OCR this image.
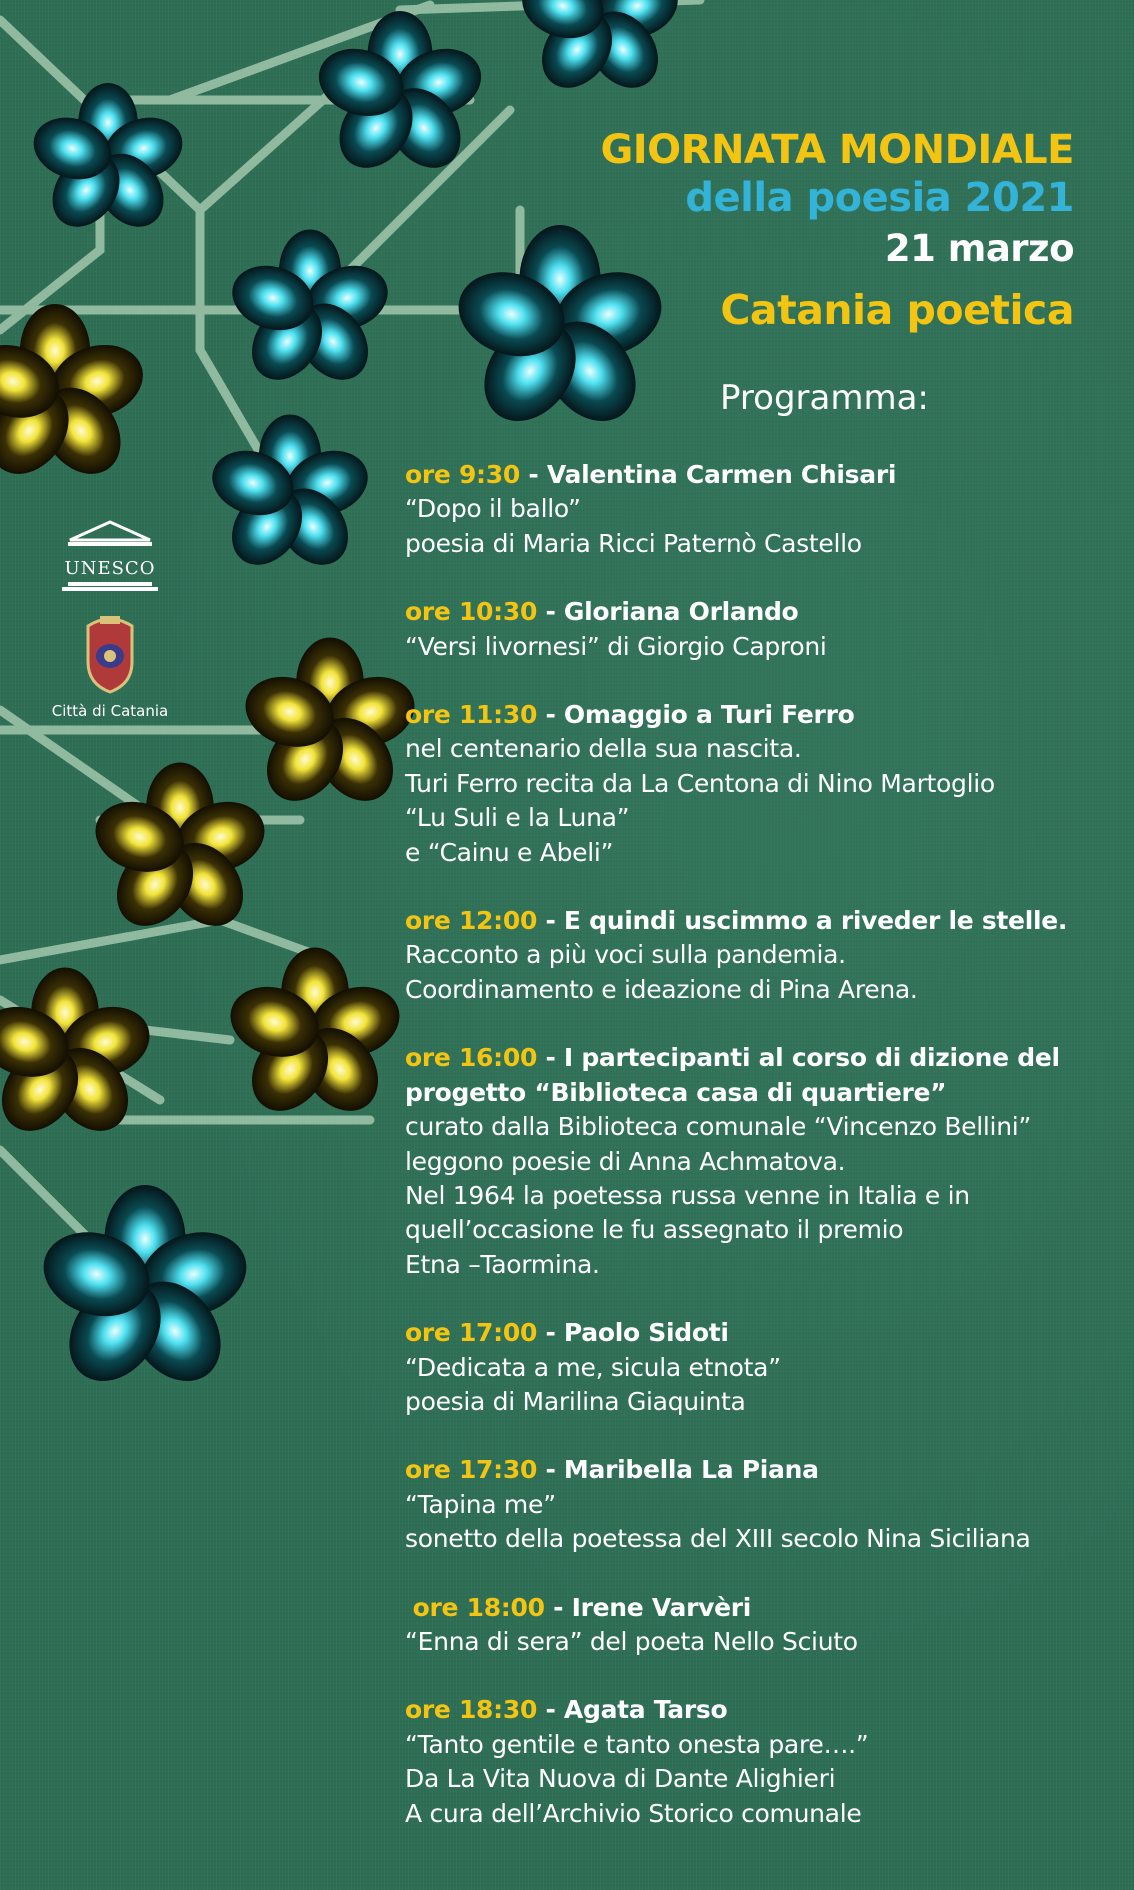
UNESCO
Città di Catania
GIORNATA MONDIALE
della poesia 2021
21 marzo
Catania poetica
Programma:

ore 9:30 - Valentina Carmen Chisari

“Dopo il ballo”

poesia di Maria Ricci Paternò Castello

ore 10:30 - Gloriana Orlando

“Versi livornesi” di Giorgio Caproni

ore 11:30 - Omaggio a Turi Ferro

nel centenario della sua nascita.

Turi Ferro recita da La Centona di Nino Martoglio

“Lu Suli e la Luna”

e “Cainu e Abeli”

ore 12:00 - E quindi uscimmo a riveder le stelle.

Racconto a più voci sulla pandemia.

Coordinamento e ideazione di Pina Arena.

ore 16:00 - I partecipanti al corso di dizione del

progetto “Biblioteca casa di quartiere”

curato dalla Biblioteca comunale “Vincenzo Bellini”

leggono poesie di Anna Achmatova.

Nel 1964 la poetessa russa venne in Italia e in

quell’occasione le fu assegnato il premio

Etna –Taormina.

ore 17:00 - Paolo Sidoti

“Dedicata a me, sicula etnota”

poesia di Marilina Giaquinta

ore 17:30 - Maribella La Piana

“Tapina me”

sonetto della poetessa del XIII secolo Nina Siciliana

ore 18:00 - Irene Varvèri

“Enna di sera” del poeta Nello Sciuto

ore 18:30 - Agata Tarso

“Tanto gentile e tanto onesta pare….”

Da La Vita Nuova di Dante Alighieri

A cura dell’Archivio Storico comunale
